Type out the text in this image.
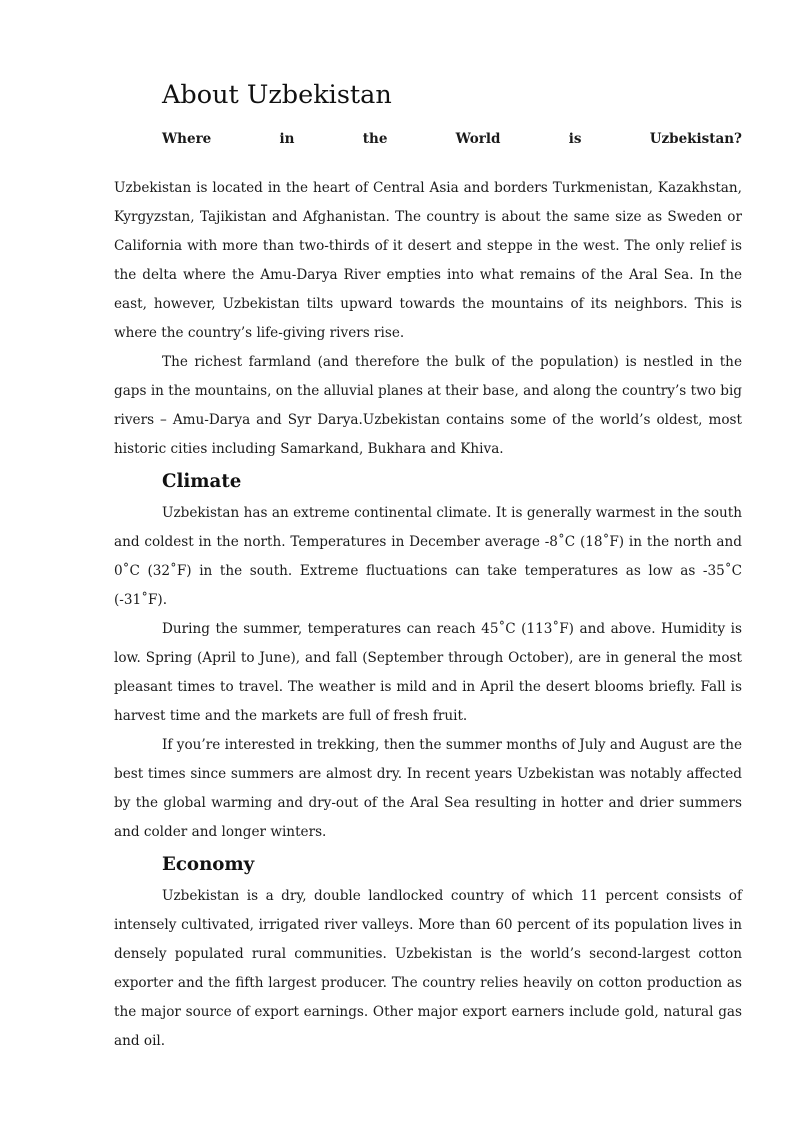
About Uzbekistan
Where	in	the	World	is	Uzbekistan?

Uzbekistan is located in the heart of Central Asia and borders Turkmenistan, Kazakhstan, Kyrgyzstan, Tajikistan and Afghanistan. The country is about the same size as Sweden or California with more than two-thirds of it desert and steppe in the west. The only relief is the delta where the Amu-Darya River empties into what remains of the Aral Sea. In the east, however, Uzbekistan tilts upward towards the mountains of its neighbors. This is where the country’s life-giving rivers rise.

The richest farmland (and therefore the bulk of the population) is nestled in the gaps in the mountains, on the alluvial planes at their base, and along the country’s two big rivers – Amu-Darya and Syr Darya.Uzbekistan contains some of the world’s oldest, most historic cities including Samarkand, Bukhara and Khiva.

Climate

Uzbekistan has an extreme continental climate. It is generally warmest in the south and coldest in the north. Temperatures in December average -8˚C (18˚F) in the north and 0˚C (32˚F) in the south. Extreme fluctuations can take temperatures as low as -35˚C (-31˚F).

During the summer, temperatures can reach 45˚C (113˚F) and above. Humidity is low. Spring (April to June), and fall (September through October), are in general the most pleasant times to travel. The weather is mild and in April the desert blooms briefly. Fall is harvest time and the markets are full of fresh fruit.

If you’re interested in trekking, then the summer months of July and August are the best times since summers are almost dry. In recent years Uzbekistan was notably affected by the global warming and dry-out of the Aral Sea resulting in hotter and drier summers and colder and longer winters.

Economy

Uzbekistan is a dry, double landlocked country of which 11 percent consists of intensely cultivated, irrigated river valleys. More than 60 percent of its population lives in densely populated rural communities. Uzbekistan is the world’s second-largest cotton exporter and the fifth largest producer. The country relies heavily on cotton production as the major source of export earnings. Other major export earners include gold, natural gas and oil.
